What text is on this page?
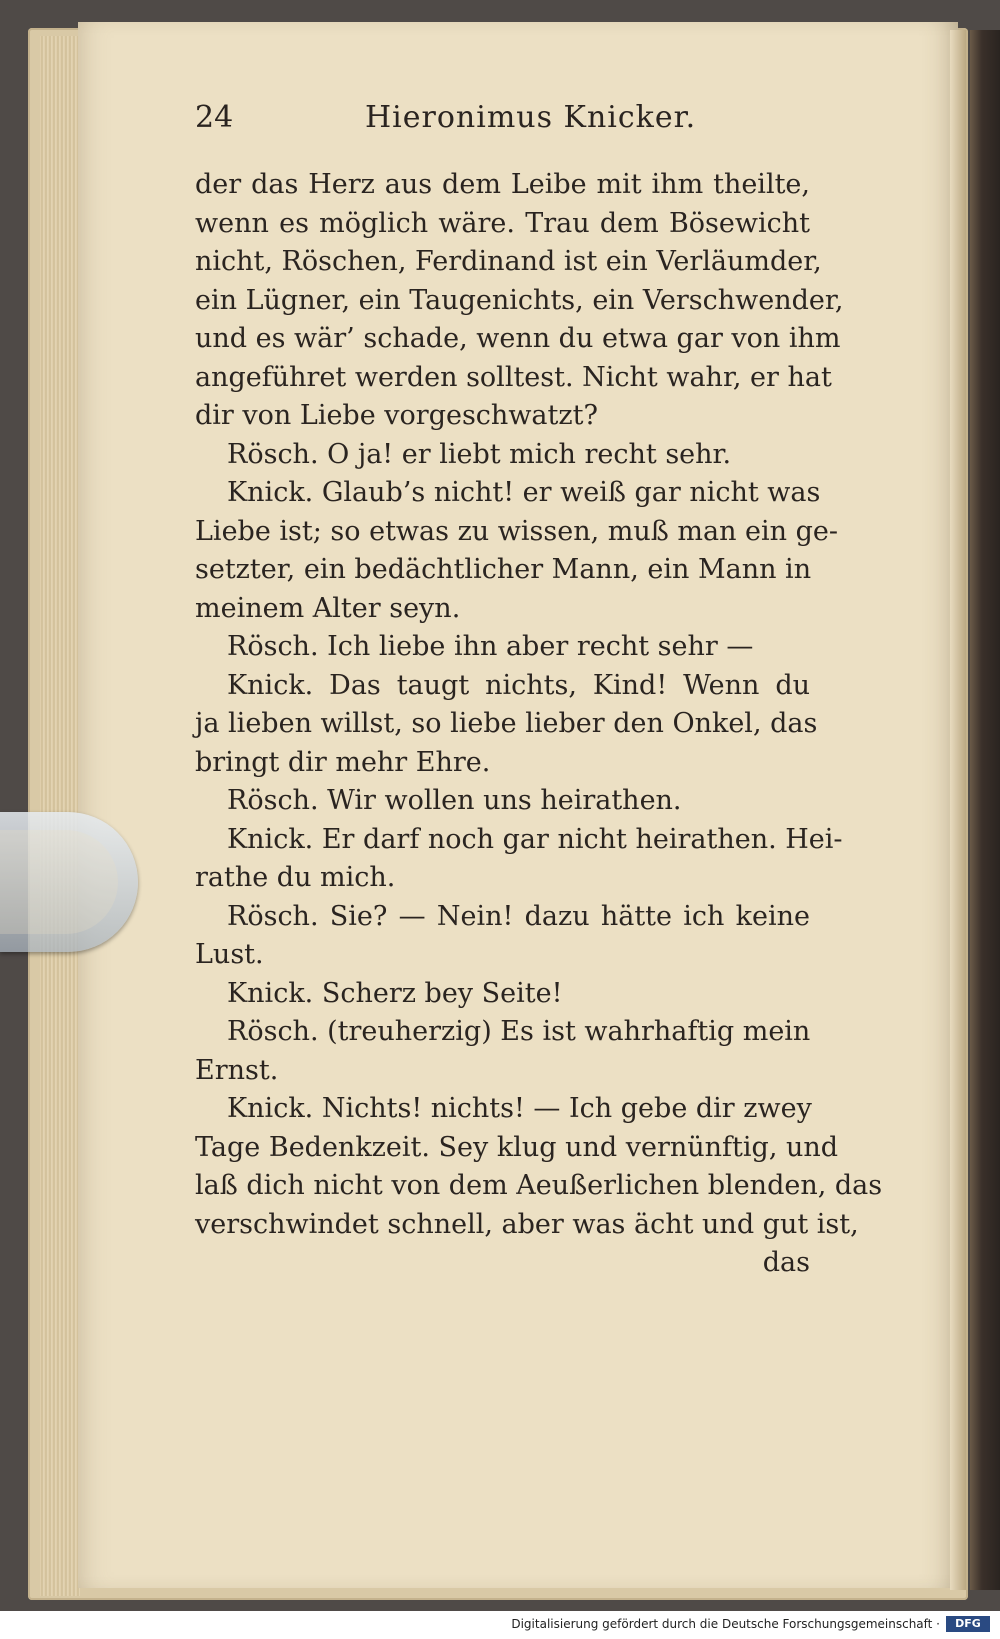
24	Hieronimus Knicker.
der das Herz aus dem Leibe mit ihm theilte,
wenn es möglich wäre. Trau dem Bösewicht
nicht, Röschen, Ferdinand ist ein Verläumder,
ein Lügner, ein Taugenichts, ein Verschwender,
und es wär’ schade, wenn du etwa gar von ihm
angeführet werden solltest. Nicht wahr, er hat
dir von Liebe vorgeschwatzt?
Rösch. O ja! er liebt mich recht sehr.
Knick. Glaub’s nicht! er weiß gar nicht was
Liebe ist; so etwas zu wissen, muß man ein ge-
setzter, ein bedächtlicher Mann, ein Mann in
meinem Alter seyn.
Rösch. Ich liebe ihn aber recht sehr —
Knick. Das taugt nichts, Kind! Wenn du
ja lieben willst, so liebe lieber den Onkel, das
bringt dir mehr Ehre.
Rösch. Wir wollen uns heirathen.
Knick. Er darf noch gar nicht heirathen. Hei-
rathe du mich.
Rösch. Sie? — Nein! dazu hätte ich keine
Lust.
Knick. Scherz bey Seite!
Rösch. (treuherzig) Es ist wahrhaftig mein
Ernst.
Knick. Nichts! nichts! — Ich gebe dir zwey
Tage Bedenkzeit. Sey klug und vernünftig, und
laß dich nicht von dem Aeußerlichen blenden, das
verschwindet schnell, aber was ächt und gut ist,
das
Digitalisierung gefördert durch die Deutsche Forschungsgemeinschaft ·	DFG
